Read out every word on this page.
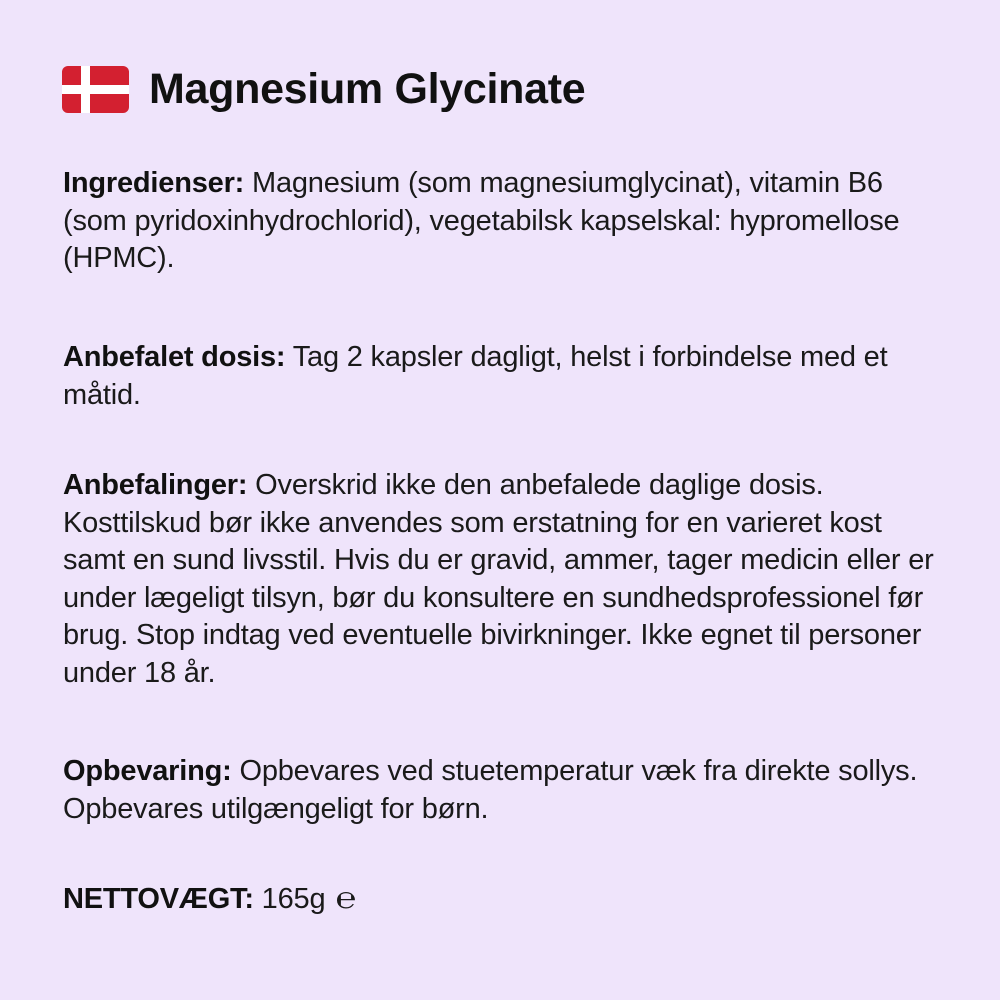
Magnesium Glycinate
Ingredienser: Magnesium (som magnesiumglycinat), vitamin B6 (som pyridoxinhydrochlorid), vegetabilsk kapselskal: hypromellose (HPMC).
Anbefalet dosis: Tag 2 kapsler dagligt, helst i forbindelse med et måtid.
Anbefalinger: Overskrid ikke den anbefalede daglige dosis. Kosttilskud bør ikke anvendes som erstatning for en varieret kost samt en sund livsstil. Hvis du er gravid, ammer, tager medicin eller er under lægeligt tilsyn, bør du konsultere en sundhedsprofessionel før brug. Stop indtag ved eventuelle bivirkninger. Ikke egnet til personer under 18 år.
Opbevaring: Opbevares ved stuetemperatur væk fra direkte sollys. Opbevares utilgængeligt for børn.
NETTOVÆGT: 165g ℮
